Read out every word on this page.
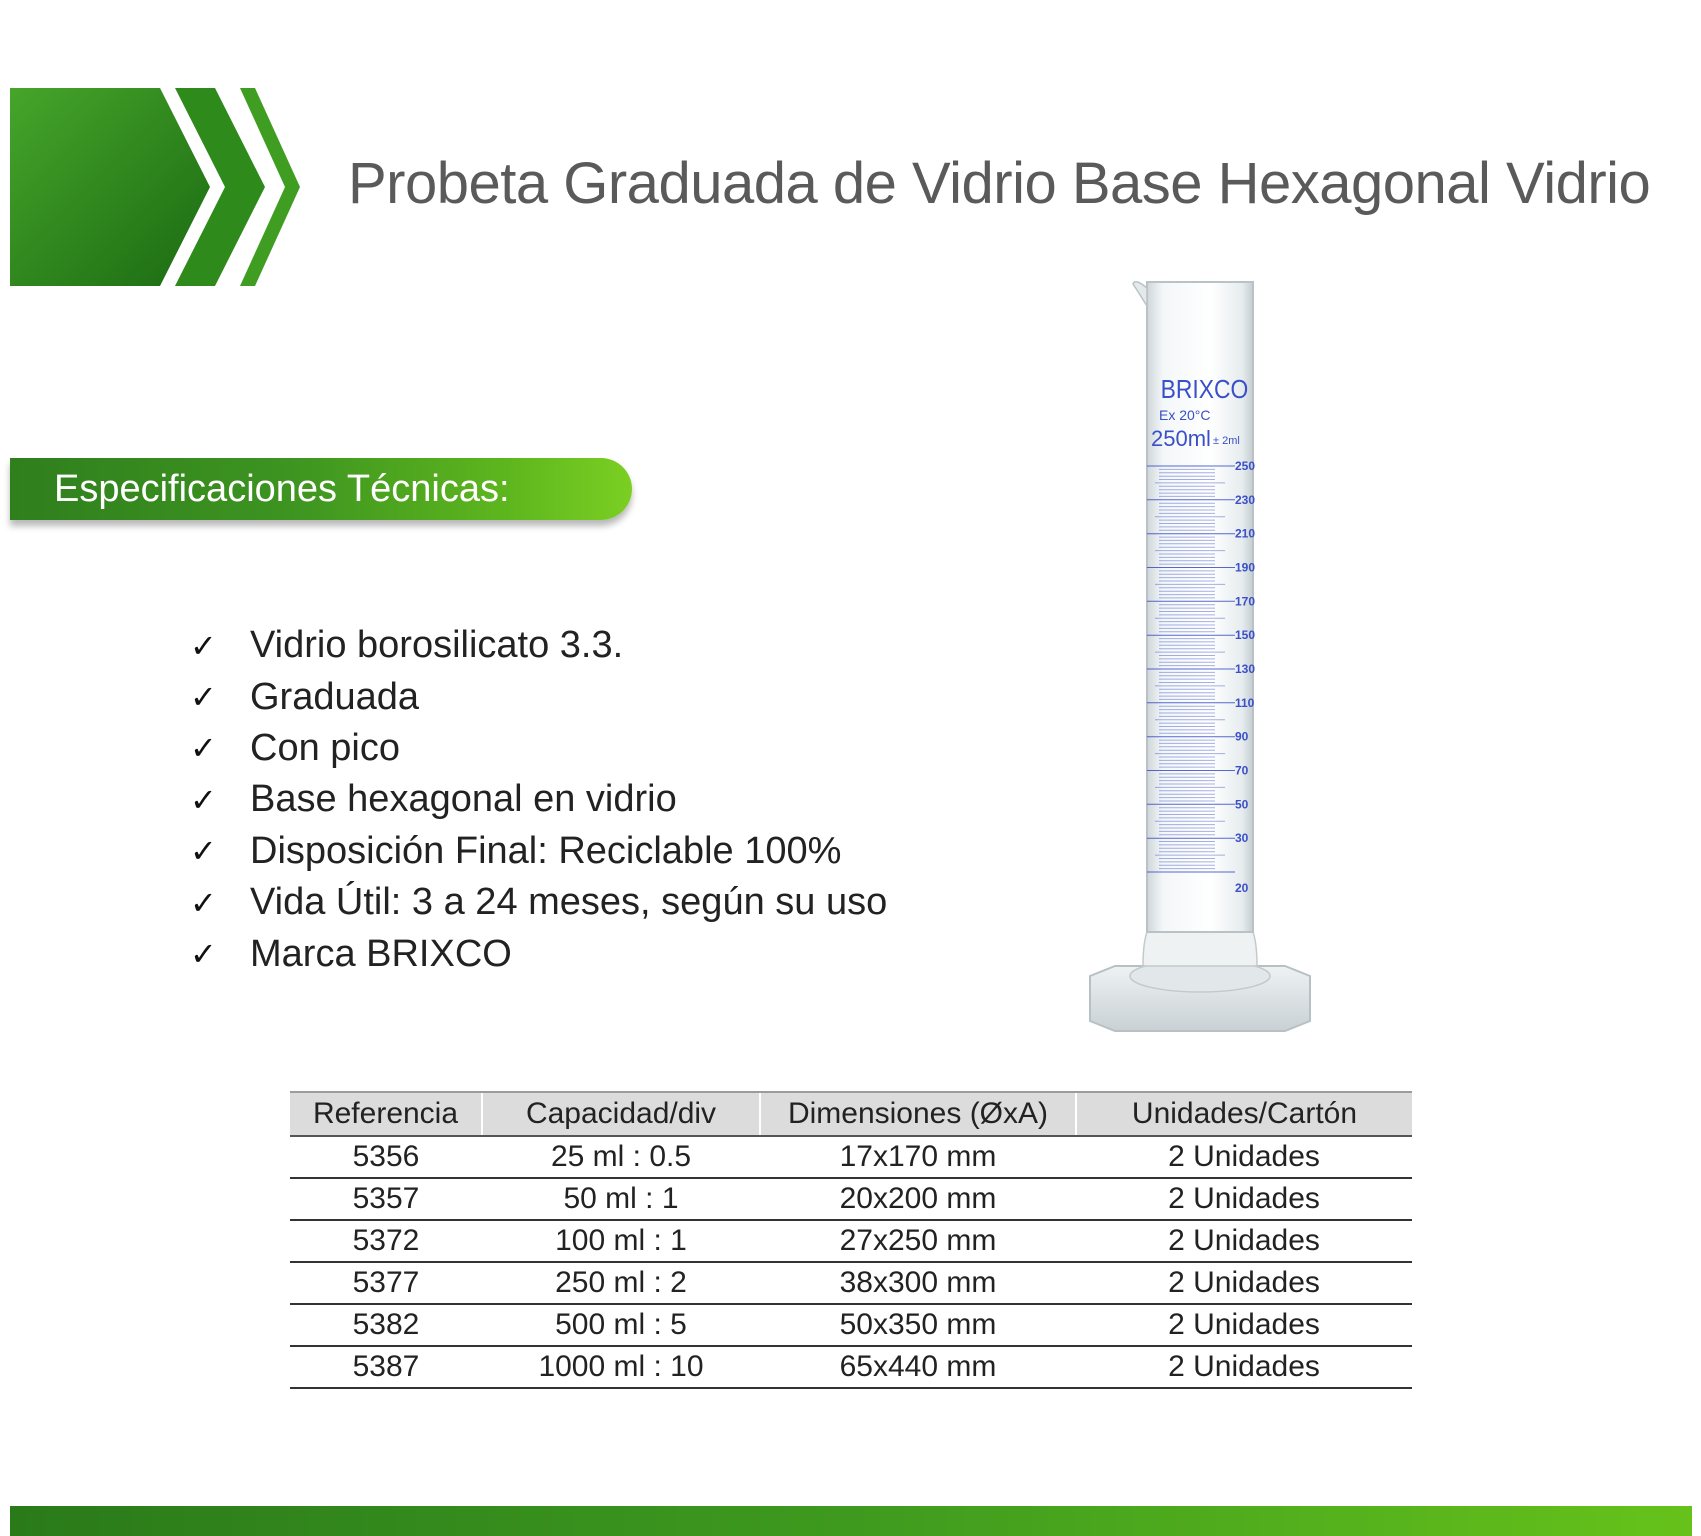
Probeta Graduada de Vidrio Base Hexagonal Vidrio
Especificaciones Técnicas:
✓ Vidrio borosilicato 3.3.
✓ Graduada
✓ Con pico
✓ Base hexagonal en vidrio
✓ Disposición Final: Reciclable 100%
✓ Vida Útil: 3 a 24 meses, según su uso
✓ Marca BRIXCO
250
230
210
190
170
150
130
110
90
70
50
30
20
BRIXCO
Ex 20°C
250ml ± 2ml
Referencia	Capacidad/div	Dimensiones (ØxA)	Unidades/Cartón
5356	25 ml : 0.5	17x170 mm	2 Unidades
5357	50 ml : 1	20x200 mm	2 Unidades
5372	100 ml : 1	27x250 mm	2 Unidades
5377	250 ml : 2	38x300 mm	2 Unidades
5382	500 ml : 5	50x350 mm	2 Unidades
5387	1000 ml : 10	65x440 mm	2 Unidades
